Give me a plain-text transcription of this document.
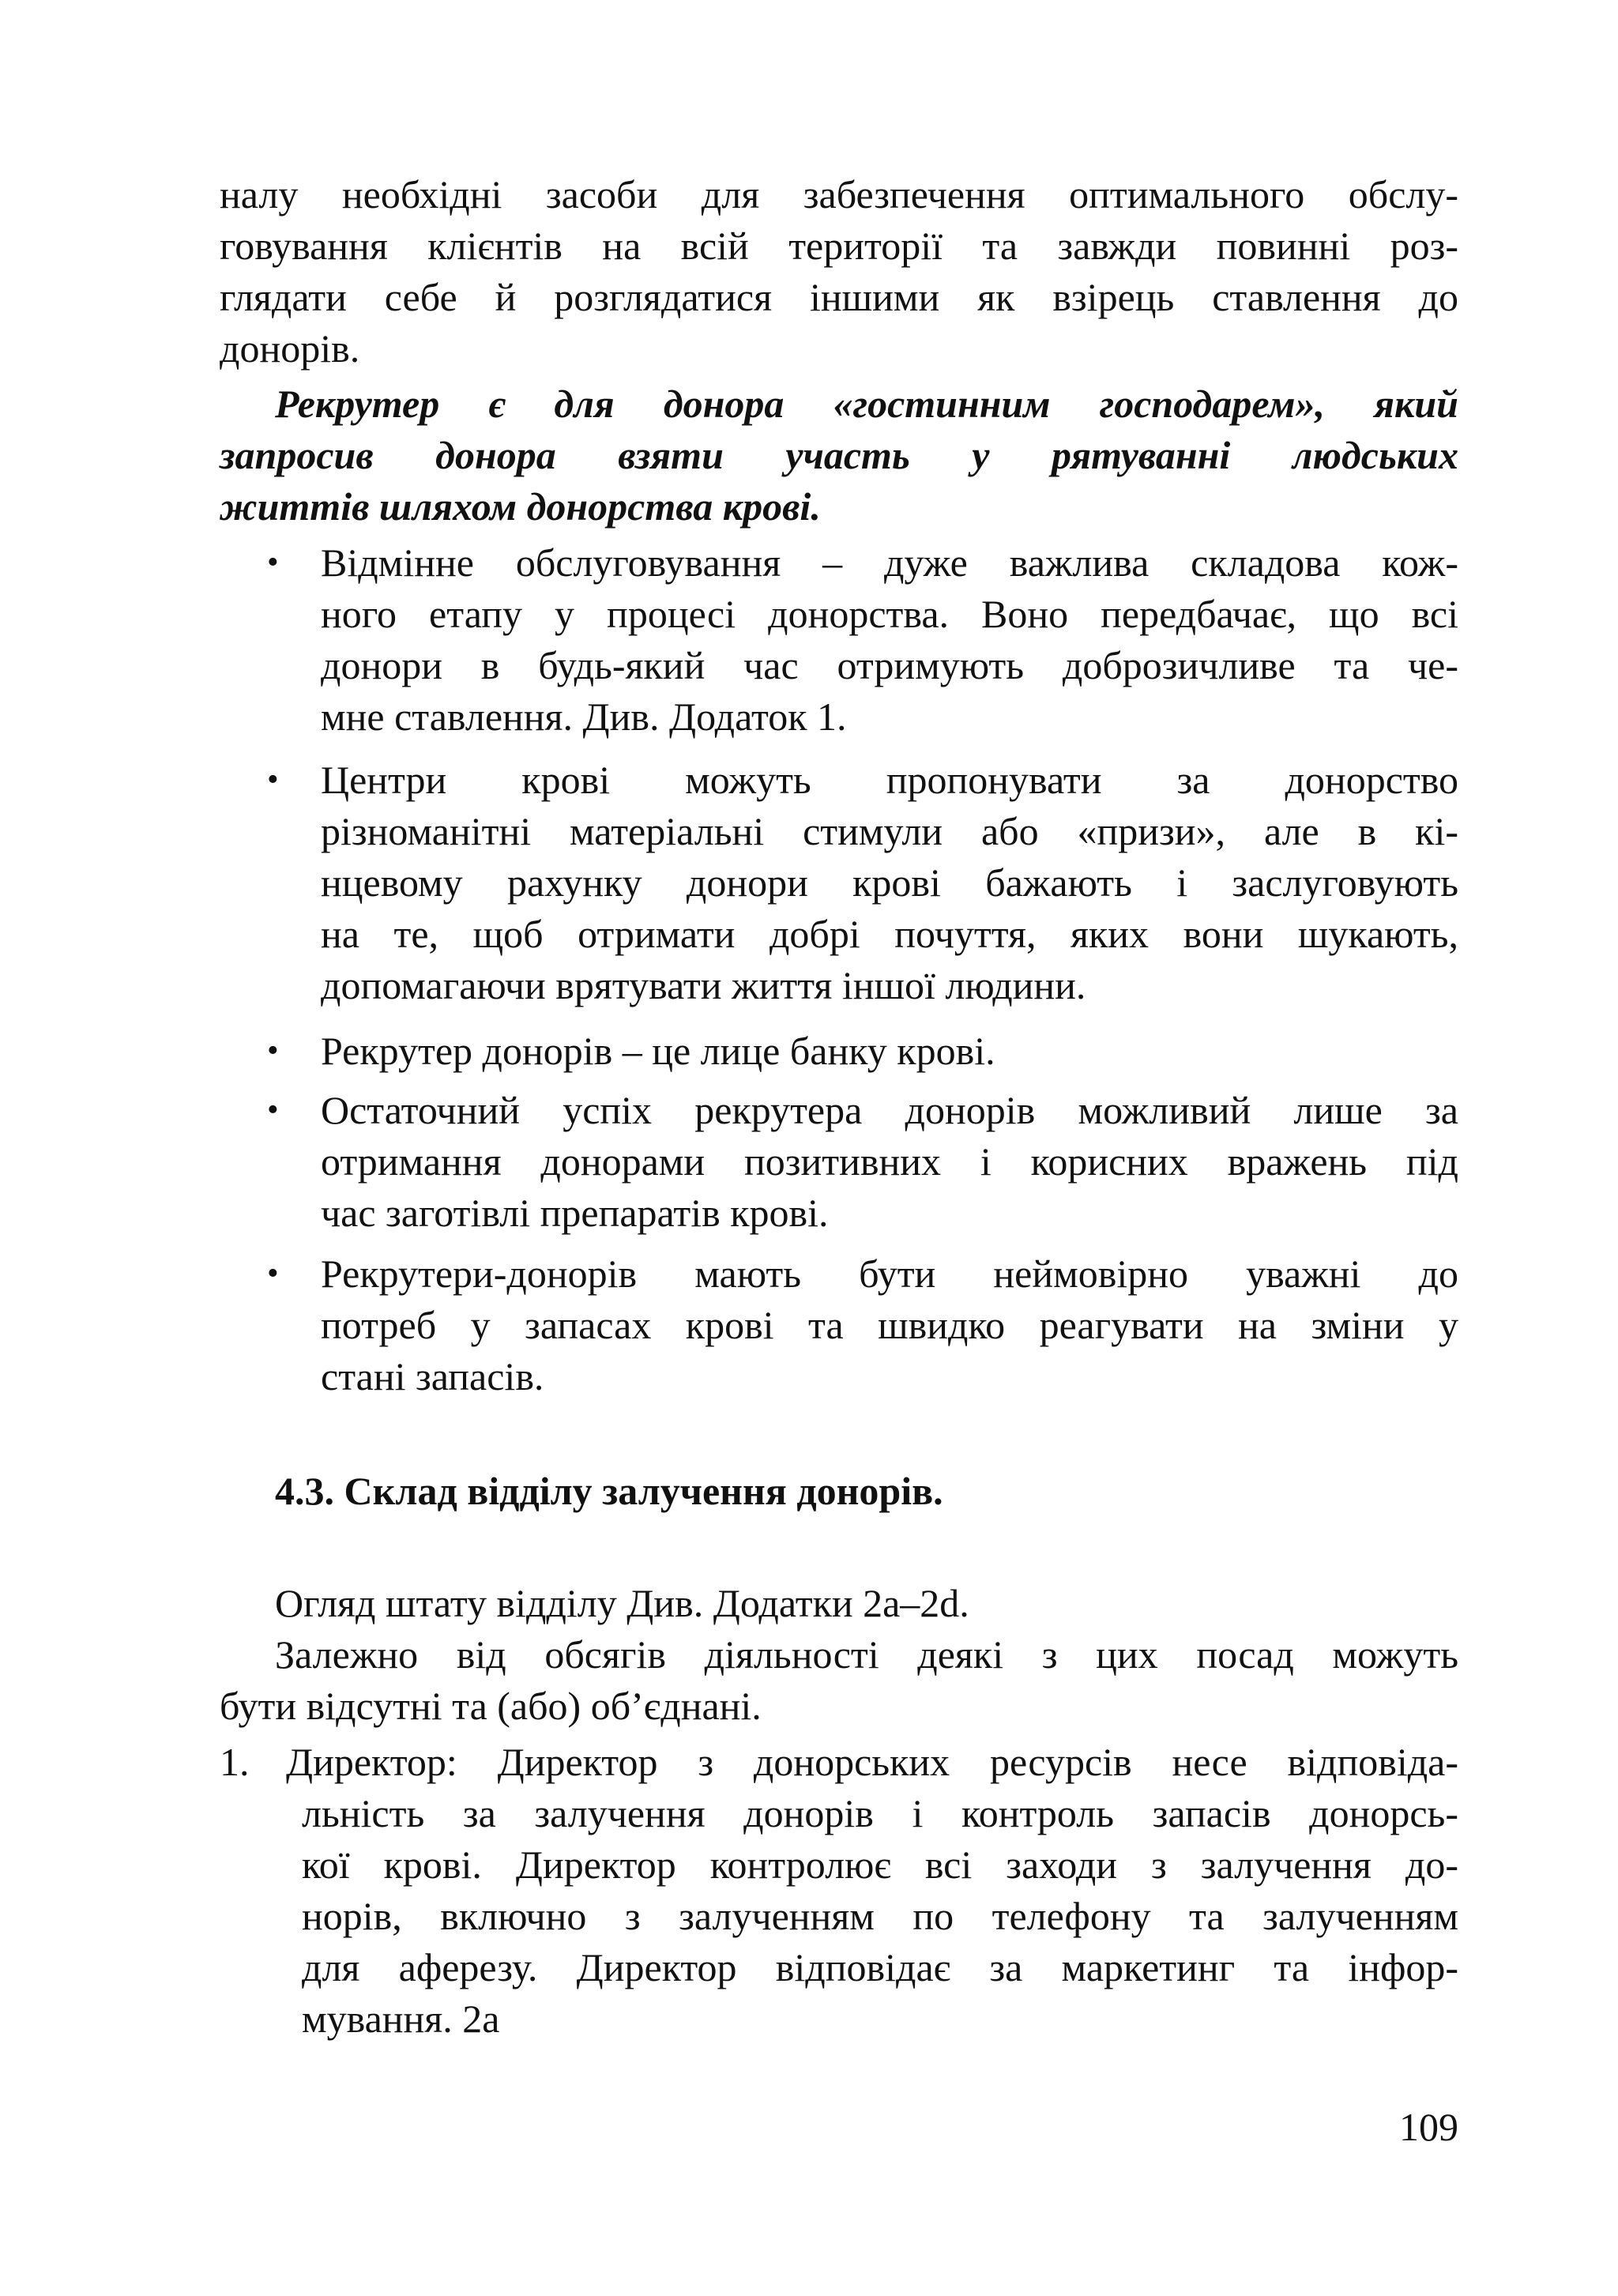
налу необхідні засоби для забезпечення оптимального обслу-
говування клієнтів на всій території та завжди повинні роз-
глядати себе й розглядатися іншими як взірець ставлення до
донорів.
Рекрутер є для донора «гостинним господарем», який
запросив донора взяти участь у рятуванні людських
життів шляхом донорства крові.
• Відмінне обслуговування – дуже важлива складова кож-
ного етапу у процесі донорства. Воно передбачає, що всі
донори в будь-який час отримують доброзичливе та че-
мне ставлення. Див. Додаток 1.
• Центри крові можуть пропонувати за донорство
різноманітні матеріальні стимули або «призи», але в кі-
нцевому рахунку донори крові бажають і заслуговують
на те, щоб отримати добрі почуття, яких вони шукають,
допомагаючи врятувати життя іншої людини.
• Рекрутер донорів – це лице банку крові.
• Остаточний успіх рекрутера донорів можливий лише за
отримання донорами позитивних і корисних вражень під
час заготівлі препаратів крові.
• Рекрутери-донорів мають бути неймовірно уважні до
потреб у запасах крові та швидко реагувати на зміни у
стані запасів.
4.3. Склад відділу залучення донорів.
Огляд штату відділу Див. Додатки 2a–2d.
Залежно від обсягів діяльності деякі з цих посад можуть
бути відсутні та (або) об’єднані.
1. Директор: Директор з донорських ресурсів несе відповіда-
льність за залучення донорів і контроль запасів донорсь-
кої крові. Директор контролює всі заходи з залучення до-
норів, включно з залученням по телефону та залученням
для аферезу. Директор відповідає за маркетинг та інфор-
мування. 2а
109
